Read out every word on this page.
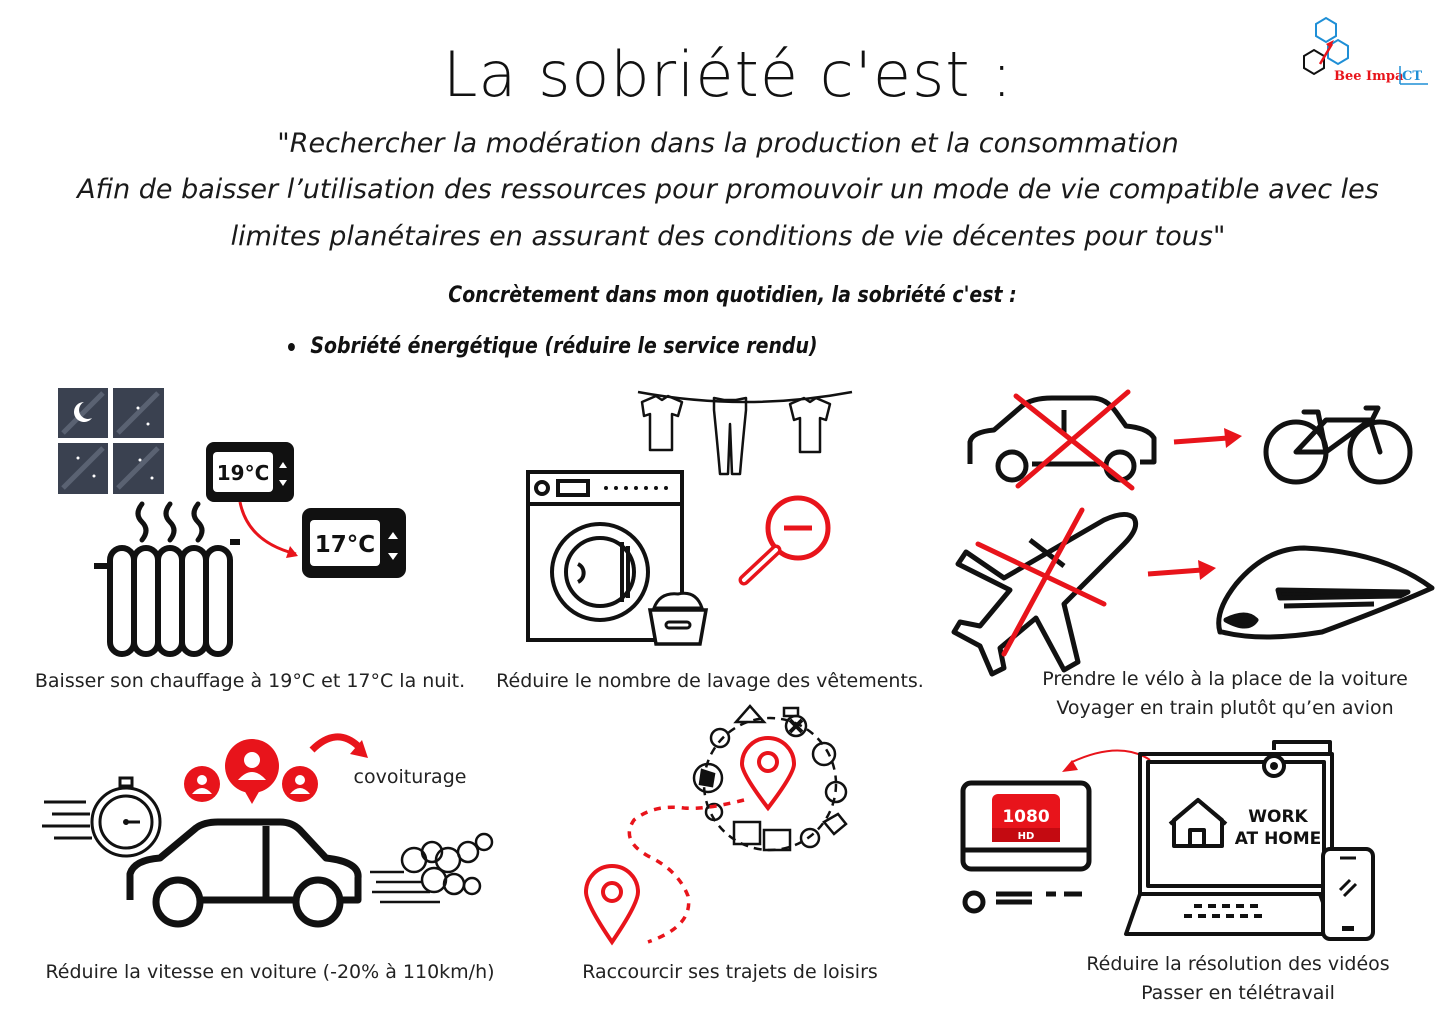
La sobriété c'est :
"Rechercher la modération dans la production et la consommation
Afin de baisser l’utilisation des ressources pour promouvoir un mode de vie compatible avec les
limites planétaires en assurant des conditions de vie décentes pour tous"
Concrètement dans mon quotidien, la sobriété c'est :
Sobriété énergétique (réduire le service rendu)
Bee Impa
CT
19°C
17°C
Baisser son chauffage à 19°C et 17°C la nuit.	Réduire le nombre de lavage des vêtements.	Prendre le vélo à la place de la voiture
Voyager en train plutôt qu’en avion
covoiturage
Réduire la vitesse en voiture (-20% à 110km/h)	Raccourcir ses trajets de loisirs
1080
HD
WORK
AT HOME
Réduire la résolution des vidéos
Passer en télétravail
